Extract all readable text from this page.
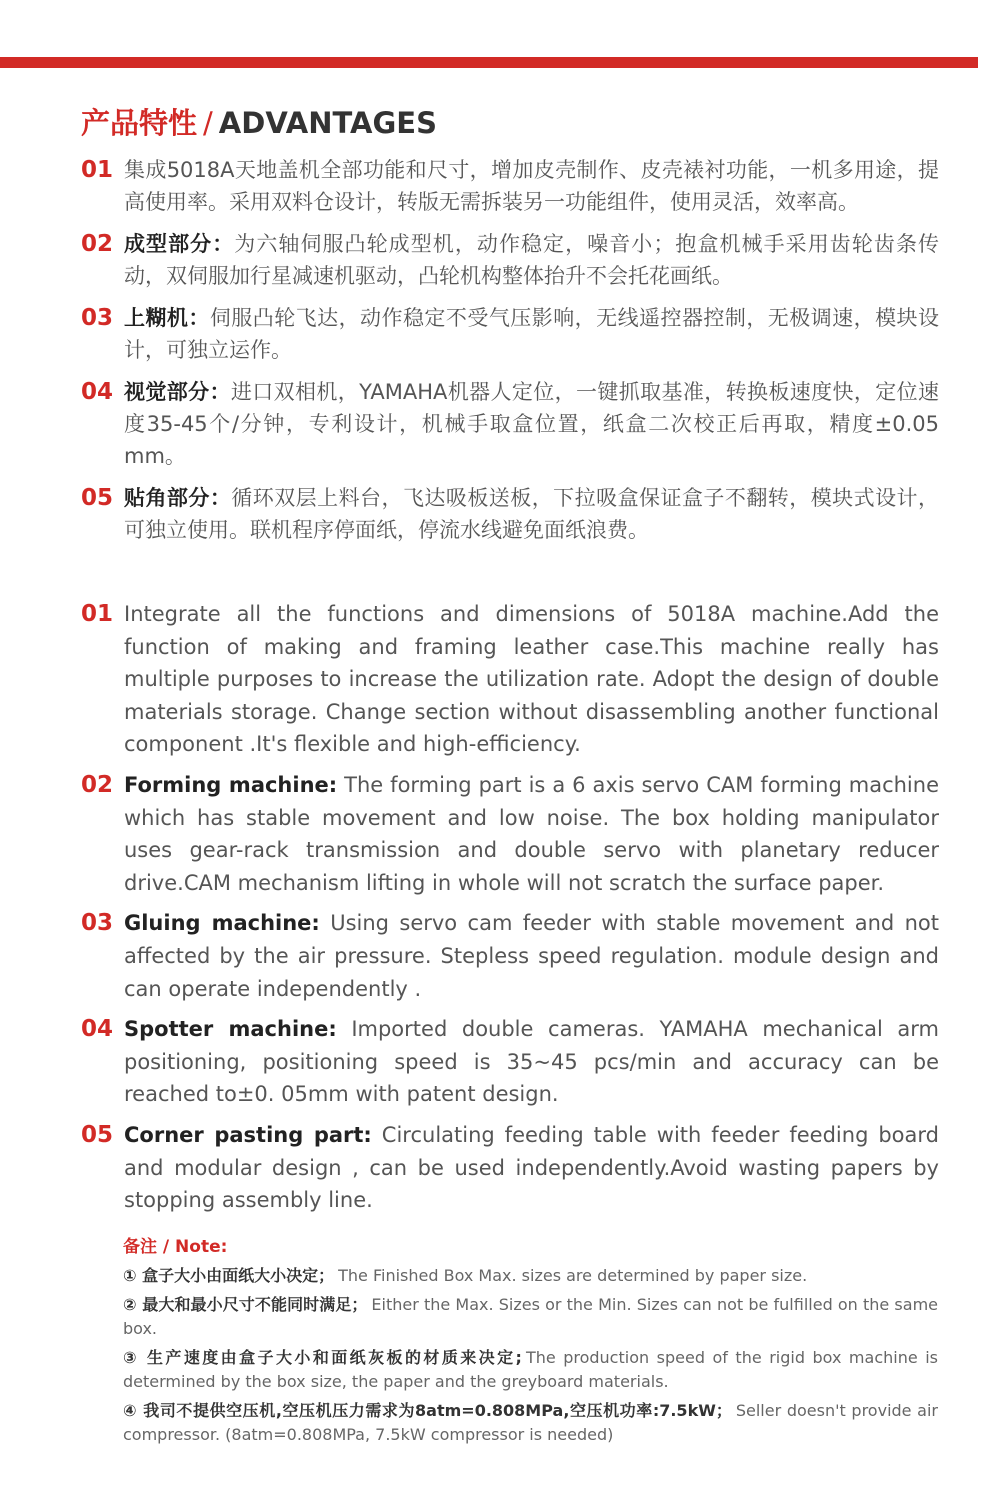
产品特性 / ADVANTAGES
01 集成5018A天地盖机全部功能和尺寸，增加皮壳制作、皮壳裱衬功能，一机多用途，提高使用率。采用双料仓设计，转版无需拆装另一功能组件，使用灵活，效率高。
02 成型部分：为六轴伺服凸轮成型机，动作稳定，噪音小；抱盒机械手采用齿轮齿条传动，双伺服加行星减速机驱动，凸轮机构整体抬升不会托花画纸。
03 上糊机：伺服凸轮飞达，动作稳定不受气压影响，无线遥控器控制，无极调速，模块设计，可独立运作。
04 视觉部分：进口双相机，YAMAHA机器人定位，一键抓取基准，转换板速度快，定位速度35-45个/分钟，专利设计，机械手取盒位置，纸盒二次校正后再取，精度±0.05 mm。
05 贴角部分：循环双层上料台，飞达吸板送板，下拉吸盒保证盒子不翻转，模块式设计，可独立使用。联机程序停面纸，停流水线避免面纸浪费。
01 Integrate all the functions and dimensions of 5018A machine.Add the function of making and framing leather case.This machine really has multiple purposes to increase the utilization rate. Adopt the design of double materials storage. Change section without disassembling another functional component .It's flexible and high-efficiency.
02 Forming machine: The forming part is a 6 axis servo CAM forming machine which has stable movement and low noise. The box holding manipulator uses gear-rack transmission and double servo with planetary reducer drive.CAM mechanism lifting in whole will not scratch the surface paper.
03 Gluing machine: Using servo cam feeder with stable movement and not affected by the air pressure. Stepless speed regulation. module design and can operate independently .
04 Spotter machine: Imported double cameras. YAMAHA mechanical arm positioning, positioning speed is 35~45 pcs/min and accuracy can be reached to±0. 05mm with patent design.
05 Corner pasting part: Circulating feeding table with feeder feeding board and modular design , can be used independently.Avoid wasting papers by stopping assembly line.
备注 / Note:
① 盒子大小由面纸大小决定； The Finished Box Max. sizes are determined by paper size.
② 最大和最小尺寸不能同时满足； Either the Max. Sizes or the Min. Sizes can not be fulfilled on the same box.
③ 生产速度由盒子大小和面纸灰板的材质来决定; The production speed of the rigid box machine is determined by the box size, the paper and the greyboard materials.
④ 我司不提供空压机,空压机压力需求为8atm=0.808MPa,空压机功率:7.5kW； Seller doesn't provide air compressor. (8atm=0.808MPa, 7.5kW compressor is needed)
